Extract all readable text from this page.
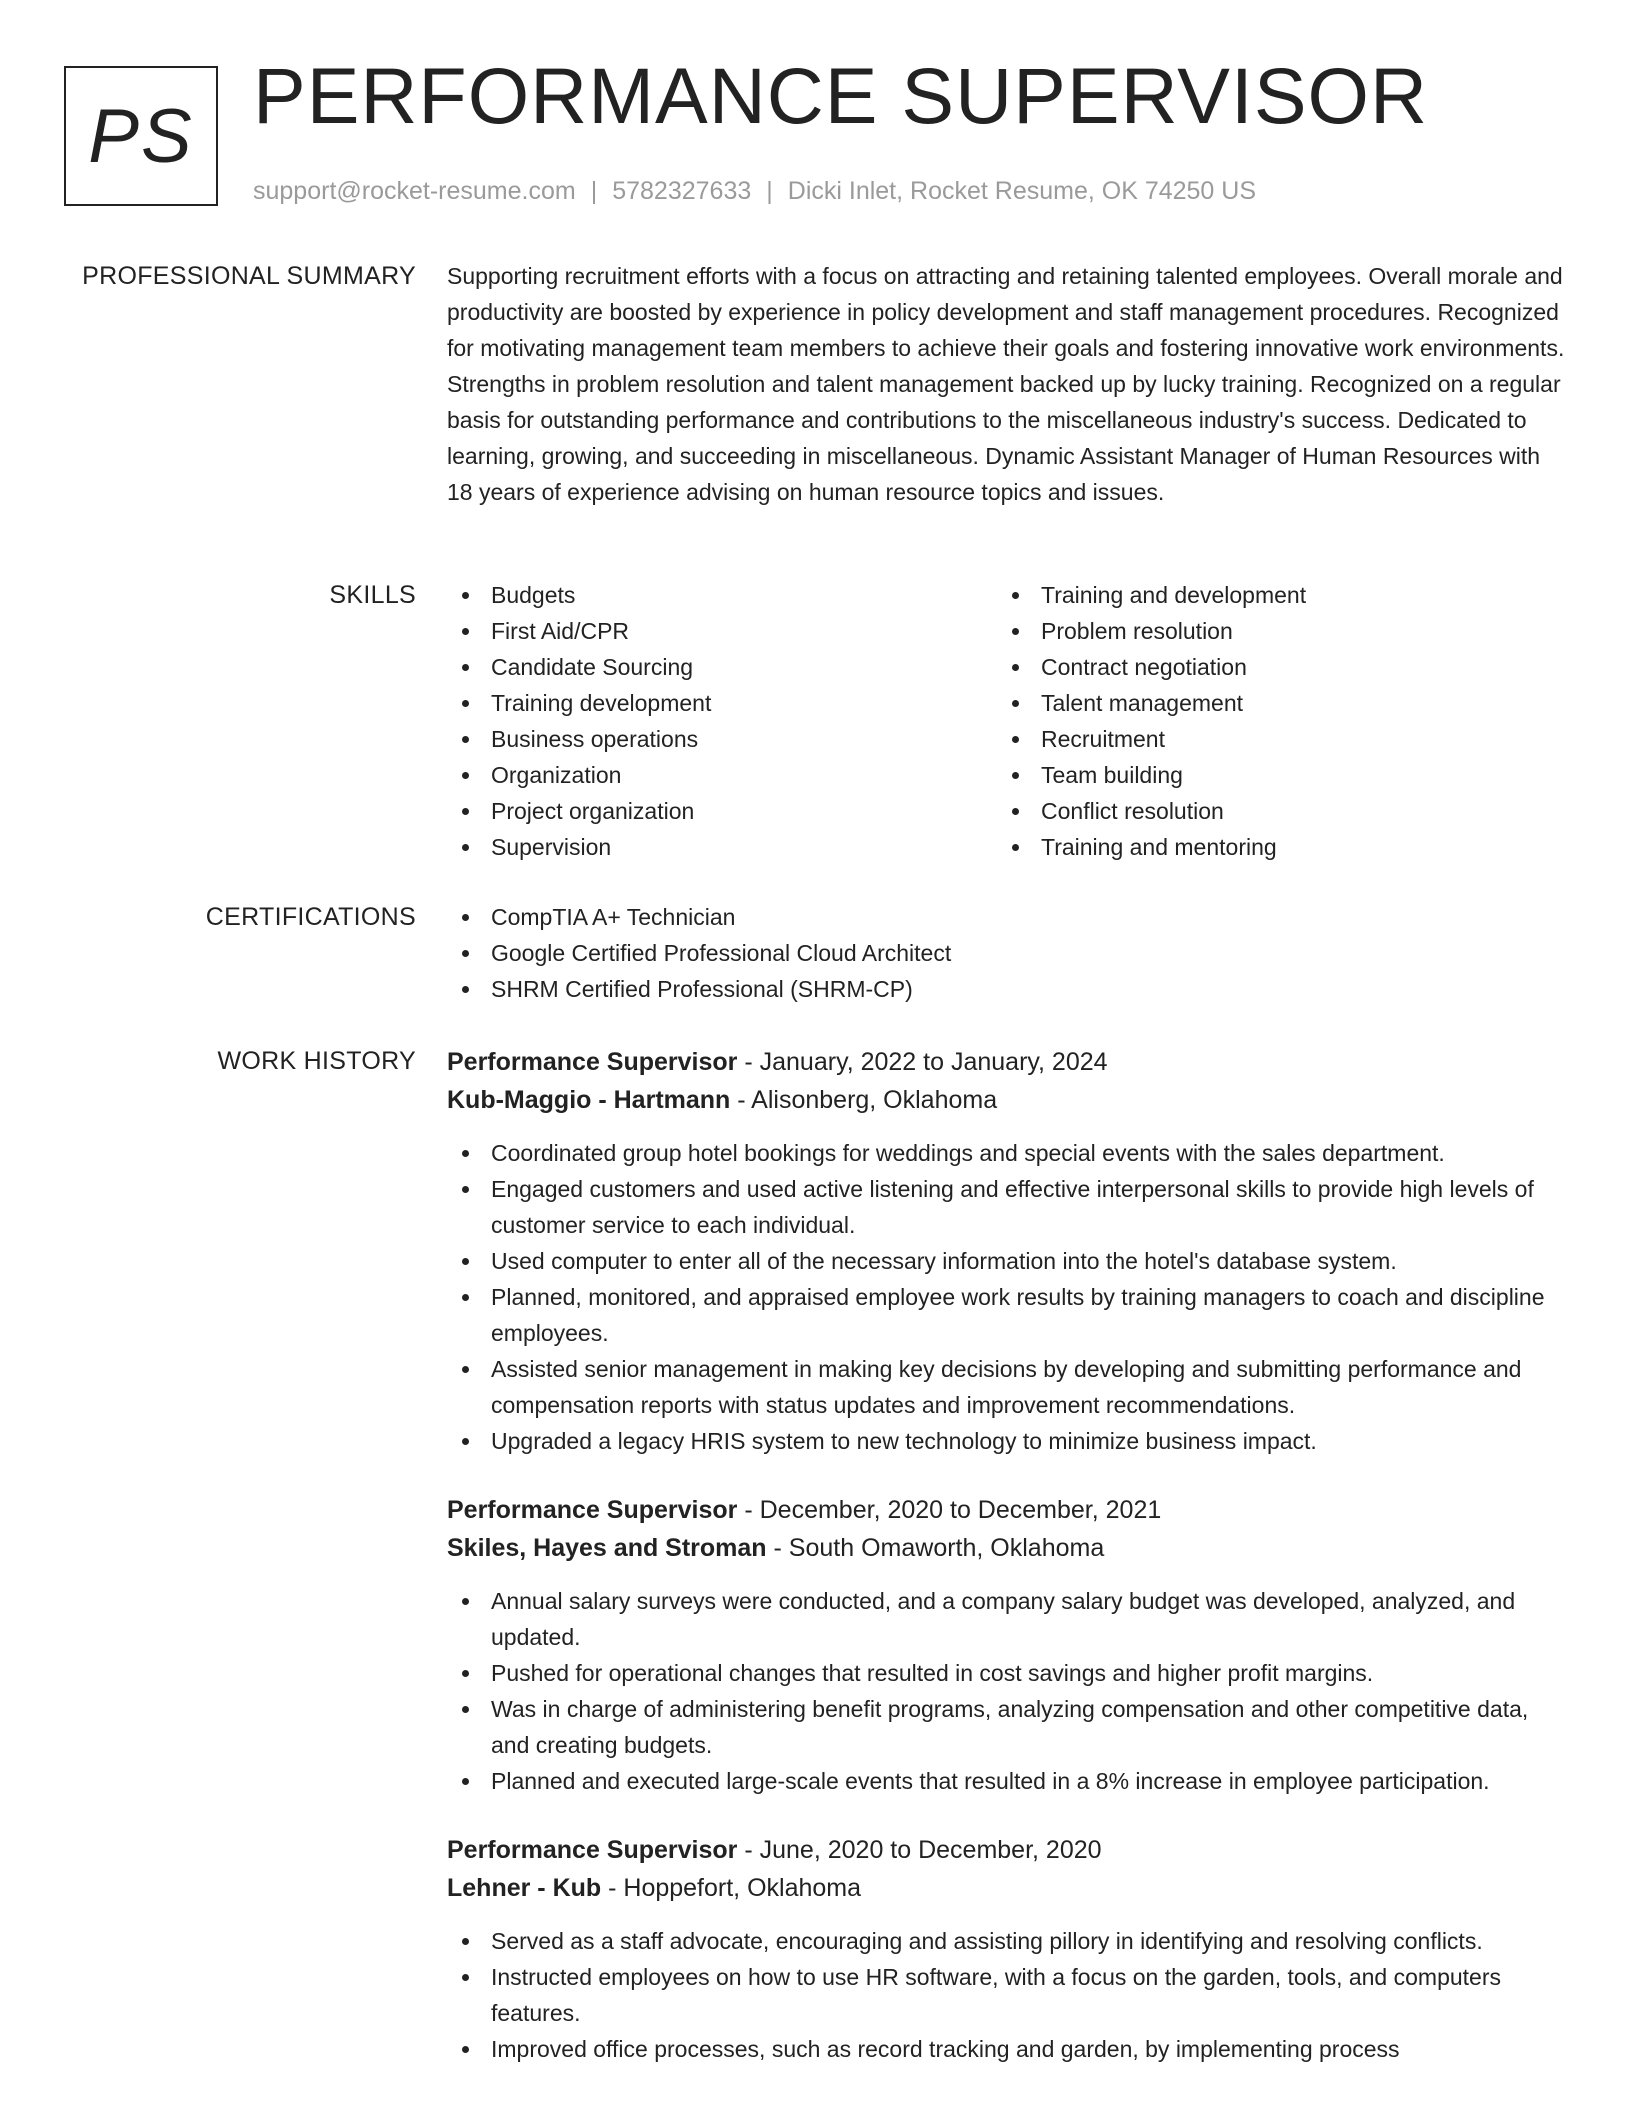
PS PERFORMANCE SUPERVISOR
support@rocket-resume.com | 5782327633 | Dicki Inlet, Rocket Resume, OK 74250 US
PROFESSIONAL SUMMARY Supporting recruitment efforts with a focus on attracting and retaining talented employees. Overall morale and productivity are boosted by experience in policy development and staff management procedures. Recognized for motivating management team members to achieve their goals and fostering innovative work environments. Strengths in problem resolution and talent management backed up by lucky training. Recognized on a regular basis for outstanding performance and contributions to the miscellaneous industry's success. Dedicated to learning, growing, and succeeding in miscellaneous. Dynamic Assistant Manager of Human Resources with 18 years of experience advising on human resource topics and issues.

SKILLS	Budgets
First Aid/CPR
Candidate Sourcing
Training development
Business operations
Organization
Project organization
Supervision
Training and development
Problem resolution
Contract negotiation
Talent management
Recruitment
Team building
Conflict resolution
Training and mentoring
CERTIFICATIONS	CompTIA A+ Technician
Google Certified Professional Cloud Architect
SHRM Certified Professional (SHRM-CP)
WORK HISTORY Performance Supervisor - January, 2022 to January, 2024
Kub-Maggio - Hartmann - Alisonberg, Oklahoma
Coordinated group hotel bookings for weddings and special events with the sales department.
Engaged customers and used active listening and effective interpersonal skills to provide high levels of customer service to each individual.
Used computer to enter all of the necessary information into the hotel's database system.
Planned, monitored, and appraised employee work results by training managers to coach and discipline employees.
Assisted senior management in making key decisions by developing and submitting performance and compensation reports with status updates and improvement recommendations.
Upgraded a legacy HRIS system to new technology to minimize business impact.
Performance Supervisor - December, 2020 to December, 2021
Skiles, Hayes and Stroman - South Omaworth, Oklahoma
Annual salary surveys were conducted, and a company salary budget was developed, analyzed, and updated.
Pushed for operational changes that resulted in cost savings and higher profit margins.
Was in charge of administering benefit programs, analyzing compensation and other competitive data, and creating budgets.
Planned and executed large-scale events that resulted in a 8% increase in employee participation.
Performance Supervisor - June, 2020 to December, 2020
Lehner - Kub - Hoppefort, Oklahoma
Served as a staff advocate, encouraging and assisting pillory in identifying and resolving conflicts.
Instructed employees on how to use HR software, with a focus on the garden, tools, and computers features.
Improved office processes, such as record tracking and garden, by implementing process
